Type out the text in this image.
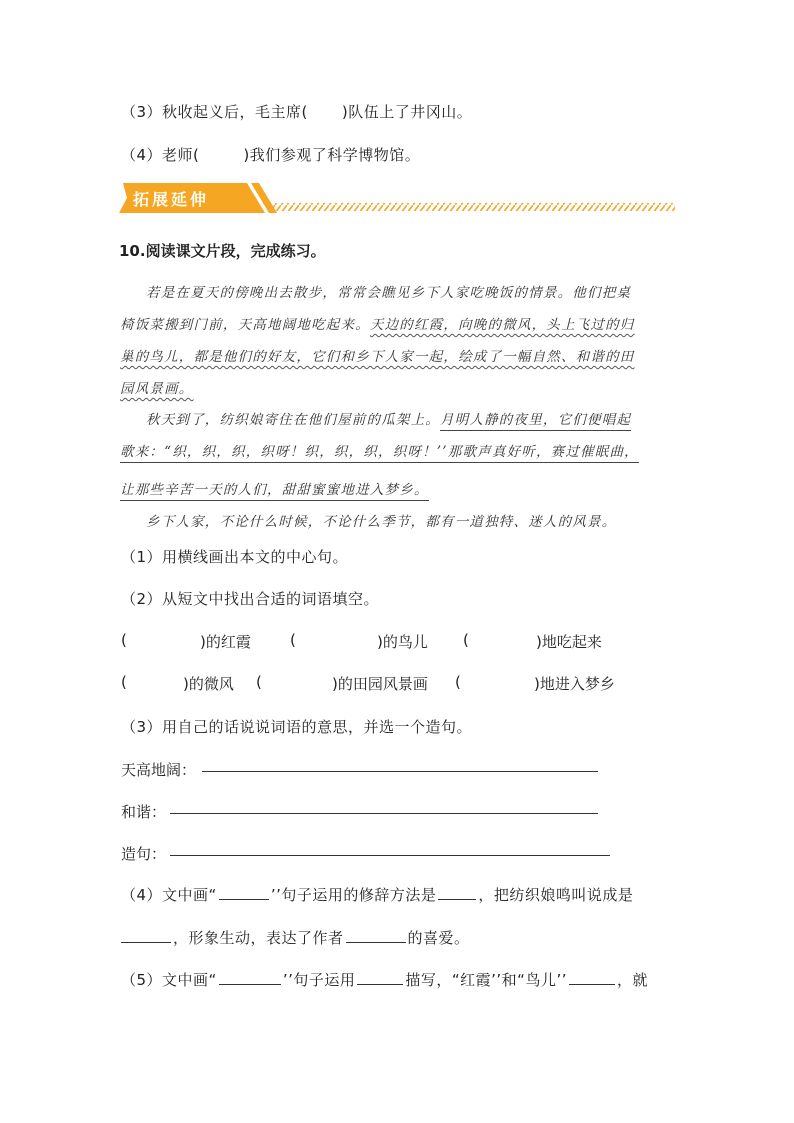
（3）秋收起义后，毛主席( )队伍上了井冈山。
（4）老师(	)我们参观了科学博物馆。
拓展延伸
10.阅读课文片段，完成练习。
若是在夏天的傍晚出去散步，常常会瞧见乡下人家吃晚饭的情景。他们把桌
椅饭菜搬到门前，天高地阔地吃起来。天边的红霞，向晚的微风，头上飞过的归
巢的鸟儿，都是他们的好友，它们和乡下人家一起，绘成了一幅自然、和谐的田
园风景画。
秋天到了，纺织娘寄住在他们屋前的瓜架上。月明人静的夜里，它们便唱起
歌来：“织，织，织，织呀！织，织，织，织呀！’’那歌声真好听，赛过催眠曲，
让那些辛苦一天的人们，甜甜蜜蜜地进入梦乡。
乡下人家，不论什么时候，不论什么季节，都有一道独特、迷人的风景。
（1）用横线画出本文的中心句。
（2）从短文中找出合适的词语填空。
(	)的红霞	(	)的鸟儿 (	)地吃起来
(	)的微风 (	)的田园风景画 (	)地进入梦乡
（3）用自己的话说说词语的意思，并选一个造句。
天高地阔：
和谐：
造句：
（4）文中画“	’’句子运用的修辞方法是	，把纺织娘鸣叫说成是
，形象生动，表达了作者	的喜爱。
（5）文中画“	’’句子运用	描写，“红霞’’和“鸟儿’’	，就
